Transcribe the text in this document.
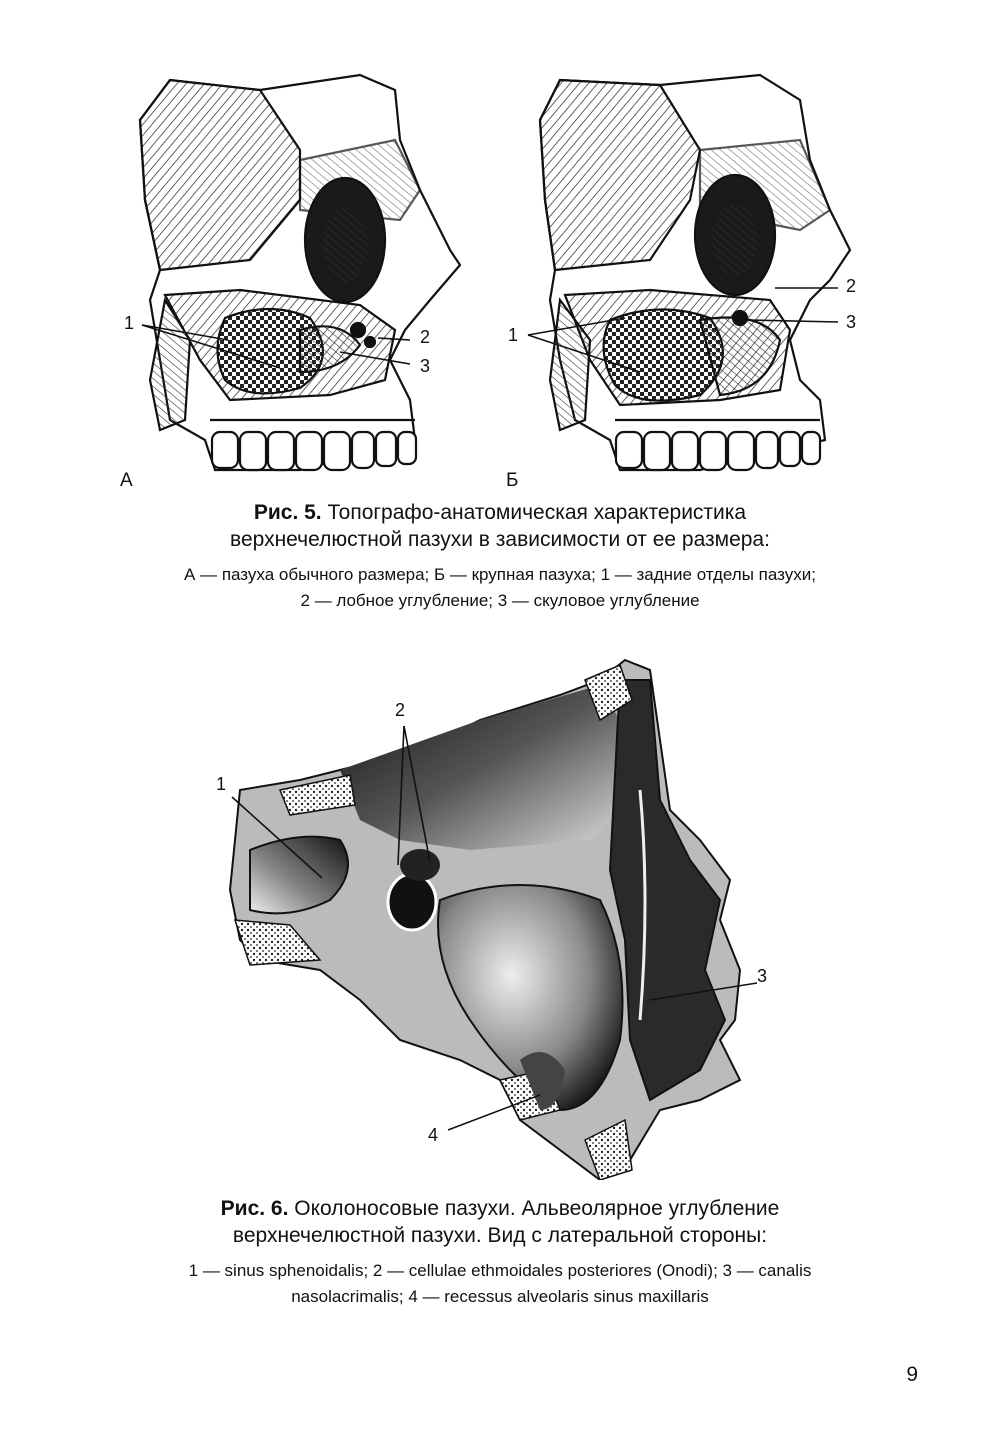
1
2
3
1
2
3
А	Б
Рис. 5. Топографо-анатомическая характеристика
верхнечелюстной пазухи в зависимости от ее размера:
А — пазуха обычного размера; Б — крупная пазуха; 1 — задние отделы пазухи;
2 — лобное углубление; 3 — скуловое углубление
1
2
3
4
Рис. 6. Околоносовые пазухи. Альвеолярное углубление
верхнечелюстной пазухи. Вид с латеральной стороны:
1 — sinus sphenoidalis; 2 — cellulae ethmoidales posteriores (Onodi); 3 — canalis
nasolacrimalis; 4 — recessus alveolaris sinus maxillaris
9
